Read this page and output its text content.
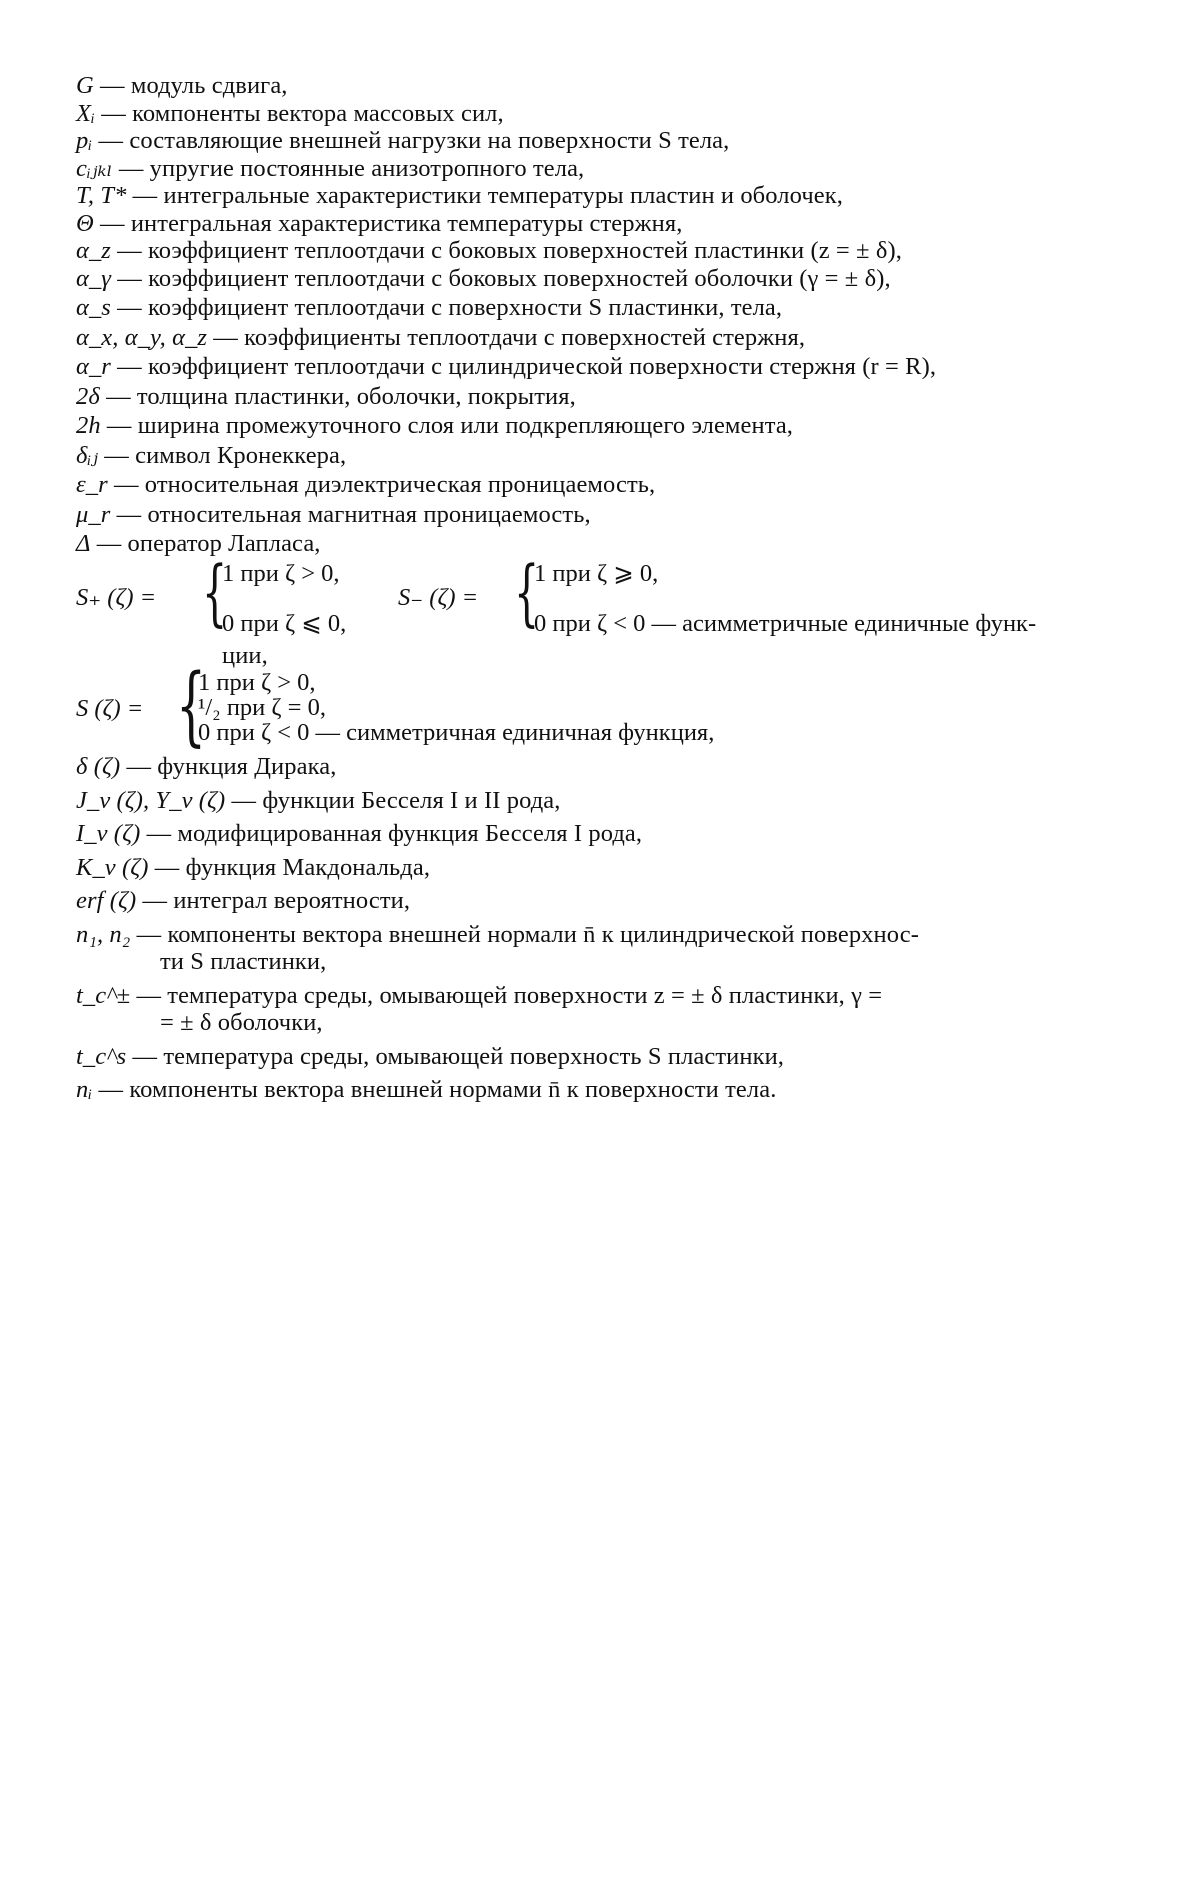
G — модуль сдвига,
Xᵢ — компоненты вектора массовых сил,
pᵢ — составляющие внешней нагрузки на поверхности S тела,
cᵢⱼₖₗ — упругие постоянные анизотропного тела,
T, T* — интегральные характеристики температуры пластин и оболочек,
Θ — интегральная характеристика температуры стержня,
α_z — коэффициент теплоотдачи с боковых поверхностей пластинки (z = ± δ),
α_γ — коэффициент теплоотдачи с боковых поверхностей оболочки (γ = ± δ),
α_s — коэффициент теплоотдачи с поверхности S пластинки, тела,
α_x, α_y, α_z — коэффициенты теплоотдачи с поверхностей стержня,
α_r — коэффициент теплоотдачи с цилиндрической поверхности стержня (r = R),
2δ — толщина пластинки, оболочки, покрытия,
2h — ширина промежуточного слоя или подкрепляющего элемента,
δᵢⱼ — символ Кронеккера,
ε_r — относительная диэлектрическая проницаемость,
μ_r — относительная магнитная проницаемость,
Δ — оператор Лапласа,
S₊ (ζ) = {
1 при ζ > 0,
0 при ζ ⩽ 0,
S₋ (ζ) = {
1 при ζ ⩾ 0,
0 при ζ < 0 — асимметричные единичные функ-
ции,
S (ζ) = {
1 при ζ > 0,
¹/₂ при ζ = 0,
0 при ζ < 0 — симметричная единичная функция,
δ (ζ) — функция Дирака,
J_ν (ζ), Y_ν (ζ) — функции Бесселя I и II рода,
I_ν (ζ) — модифицированная функция Бесселя I рода,
K_ν (ζ) — функция Макдональда,
erf (ζ) — интеграл вероятности,
n₁, n₂ — компоненты вектора внешней нормали n̄ к цилиндрической поверхнос-
ти S пластинки,
t_c^± — температура среды, омывающей поверхности z = ± δ пластинки, γ =
= ± δ оболочки,
t_c^s — температура среды, омывающей поверхность S пластинки,
nᵢ — компоненты вектора внешней нормами n̄ к поверхности тела.
